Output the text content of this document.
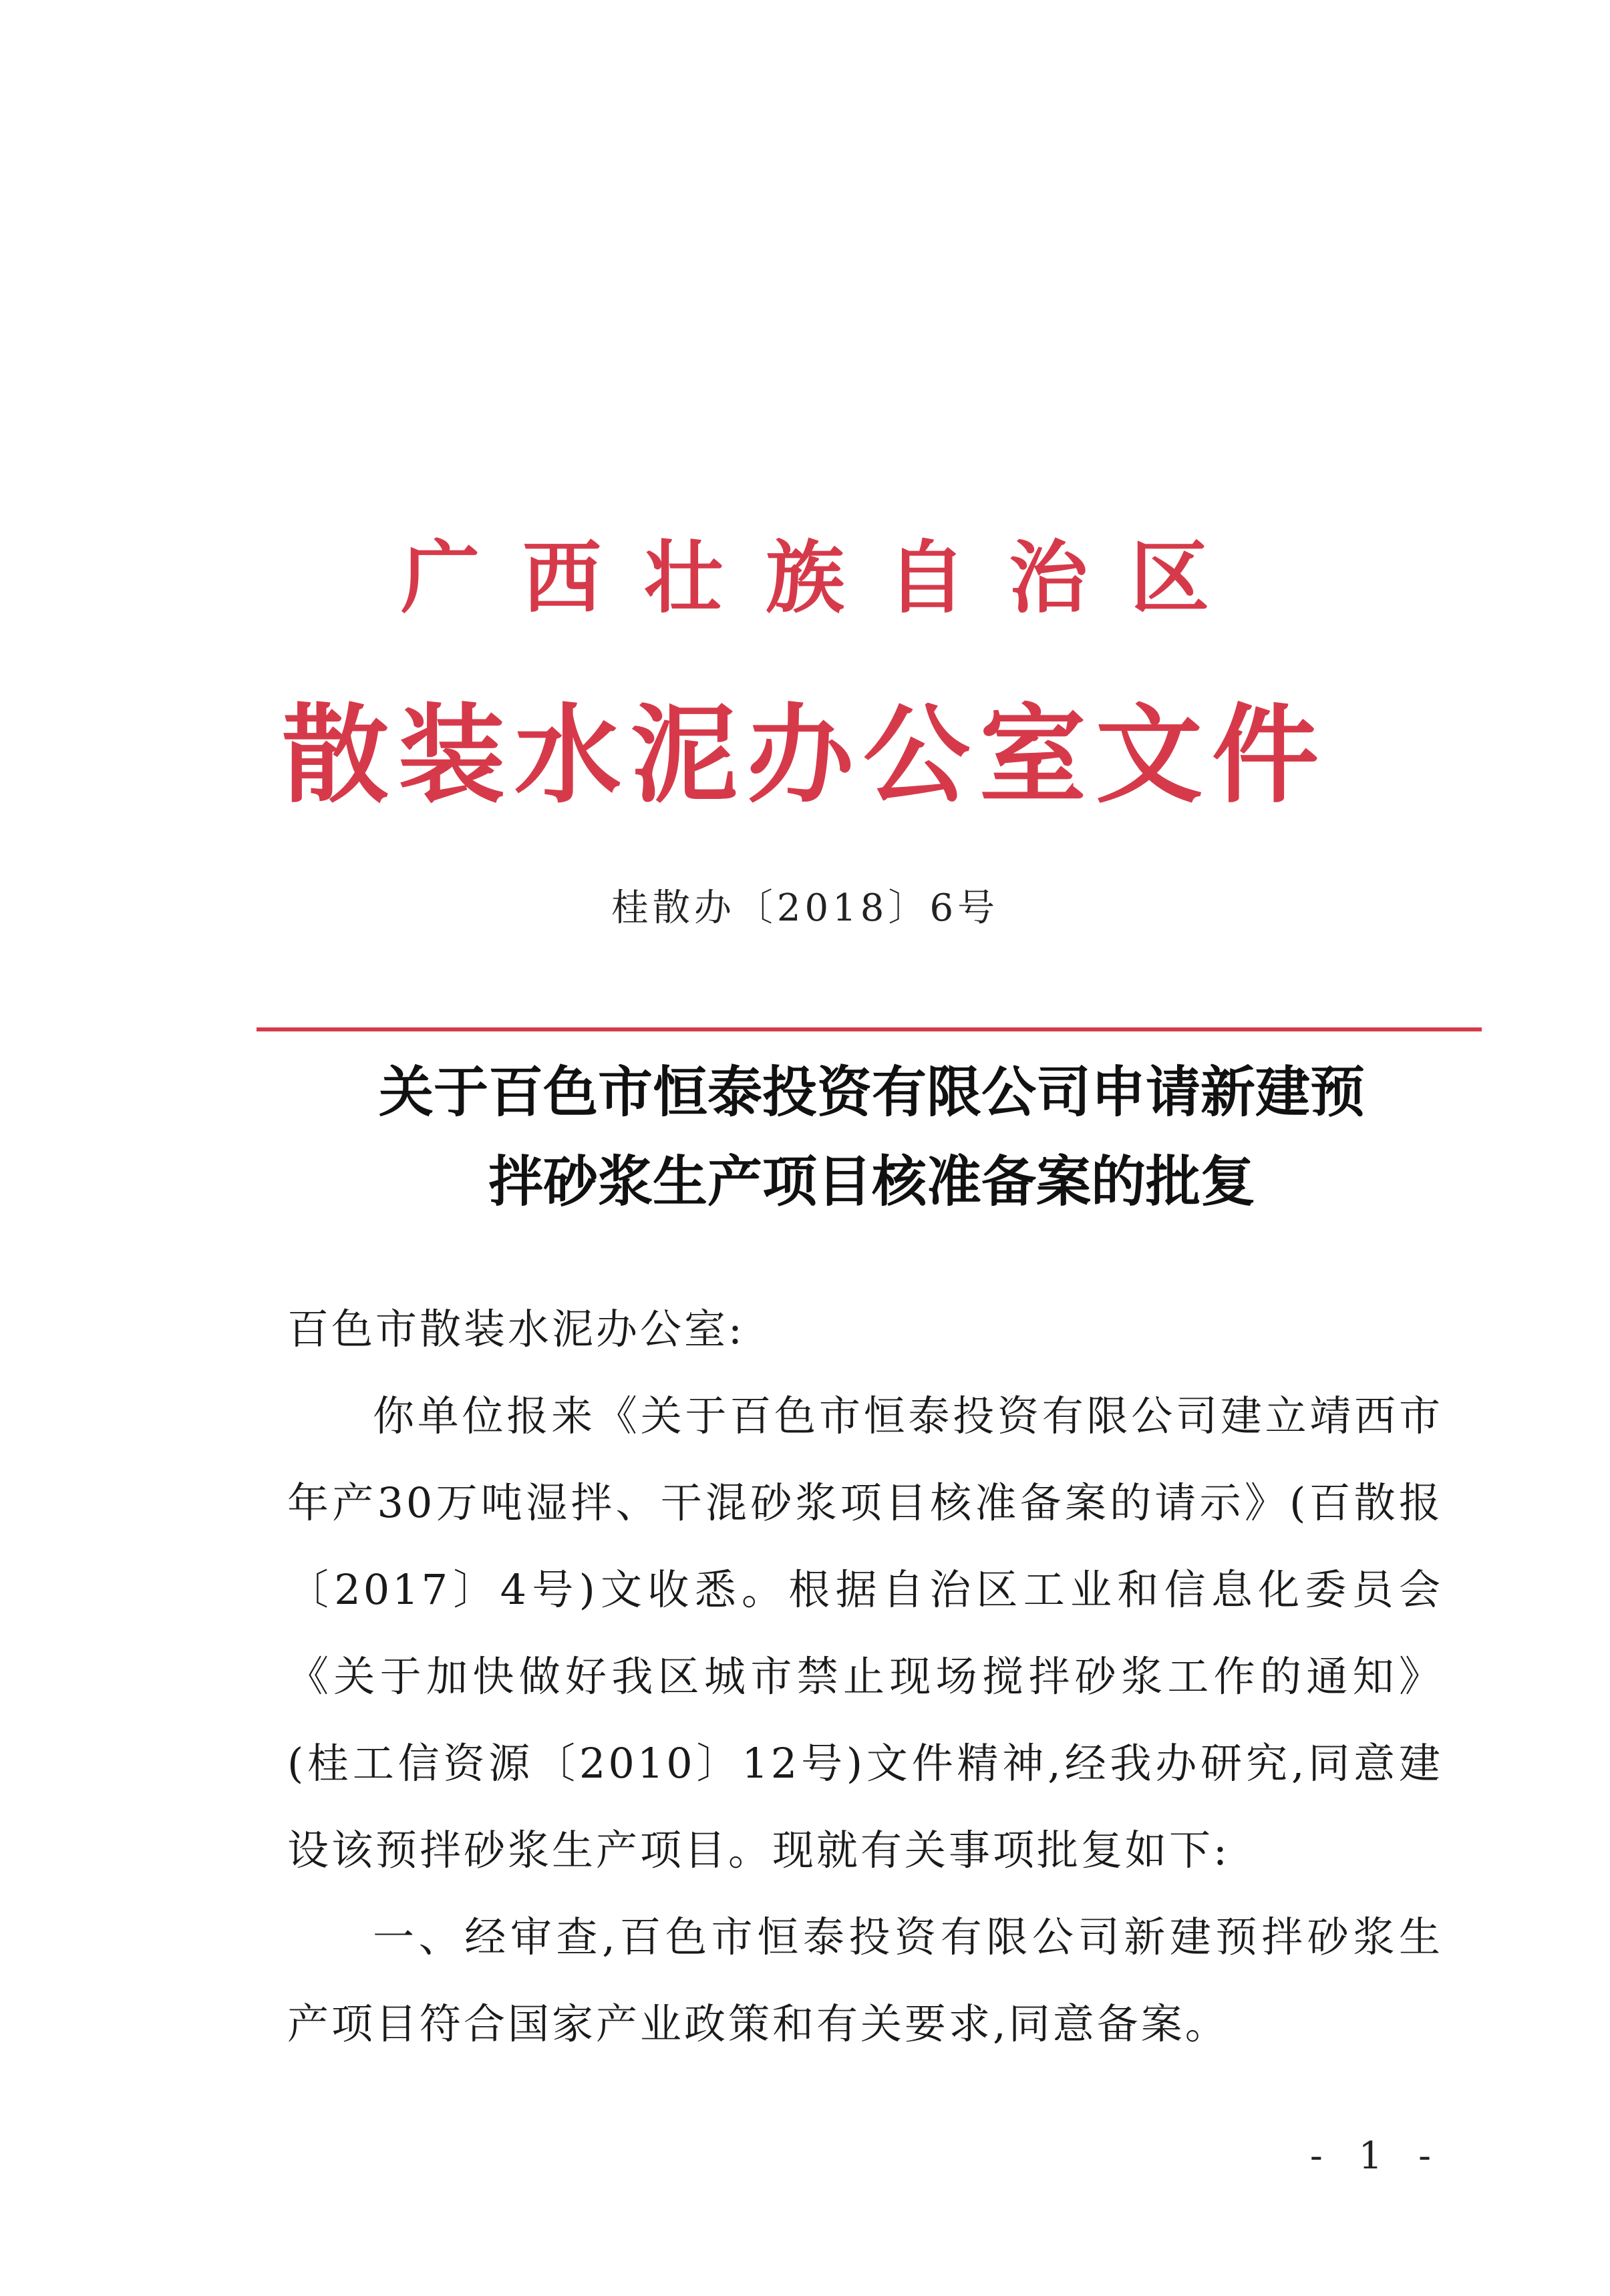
广西壮族自治区
散装水泥办公室文件
桂散办〔2018〕6号
关于百色市恒泰投资有限公司申请新建预
拌砂浆生产项目核准备案的批复

百色市散装水泥办公室:

你单位报来《关于百色市恒泰投资有限公司建立靖西市年产30万吨湿拌、干混砂浆项目核准备案的请示》(百散报〔2017〕4号)文收悉。根据自治区工业和信息化委员会《关于加快做好我区城市禁止现场搅拌砂浆工作的通知》(桂工信资源〔2010〕12号)文件精神,经我办研究,同意建设该预拌砂浆生产项目。现就有关事项批复如下:

一、经审查,百色市恒泰投资有限公司新建预拌砂浆生产项目符合国家产业政策和有关要求,同意备案。

- 1 -
